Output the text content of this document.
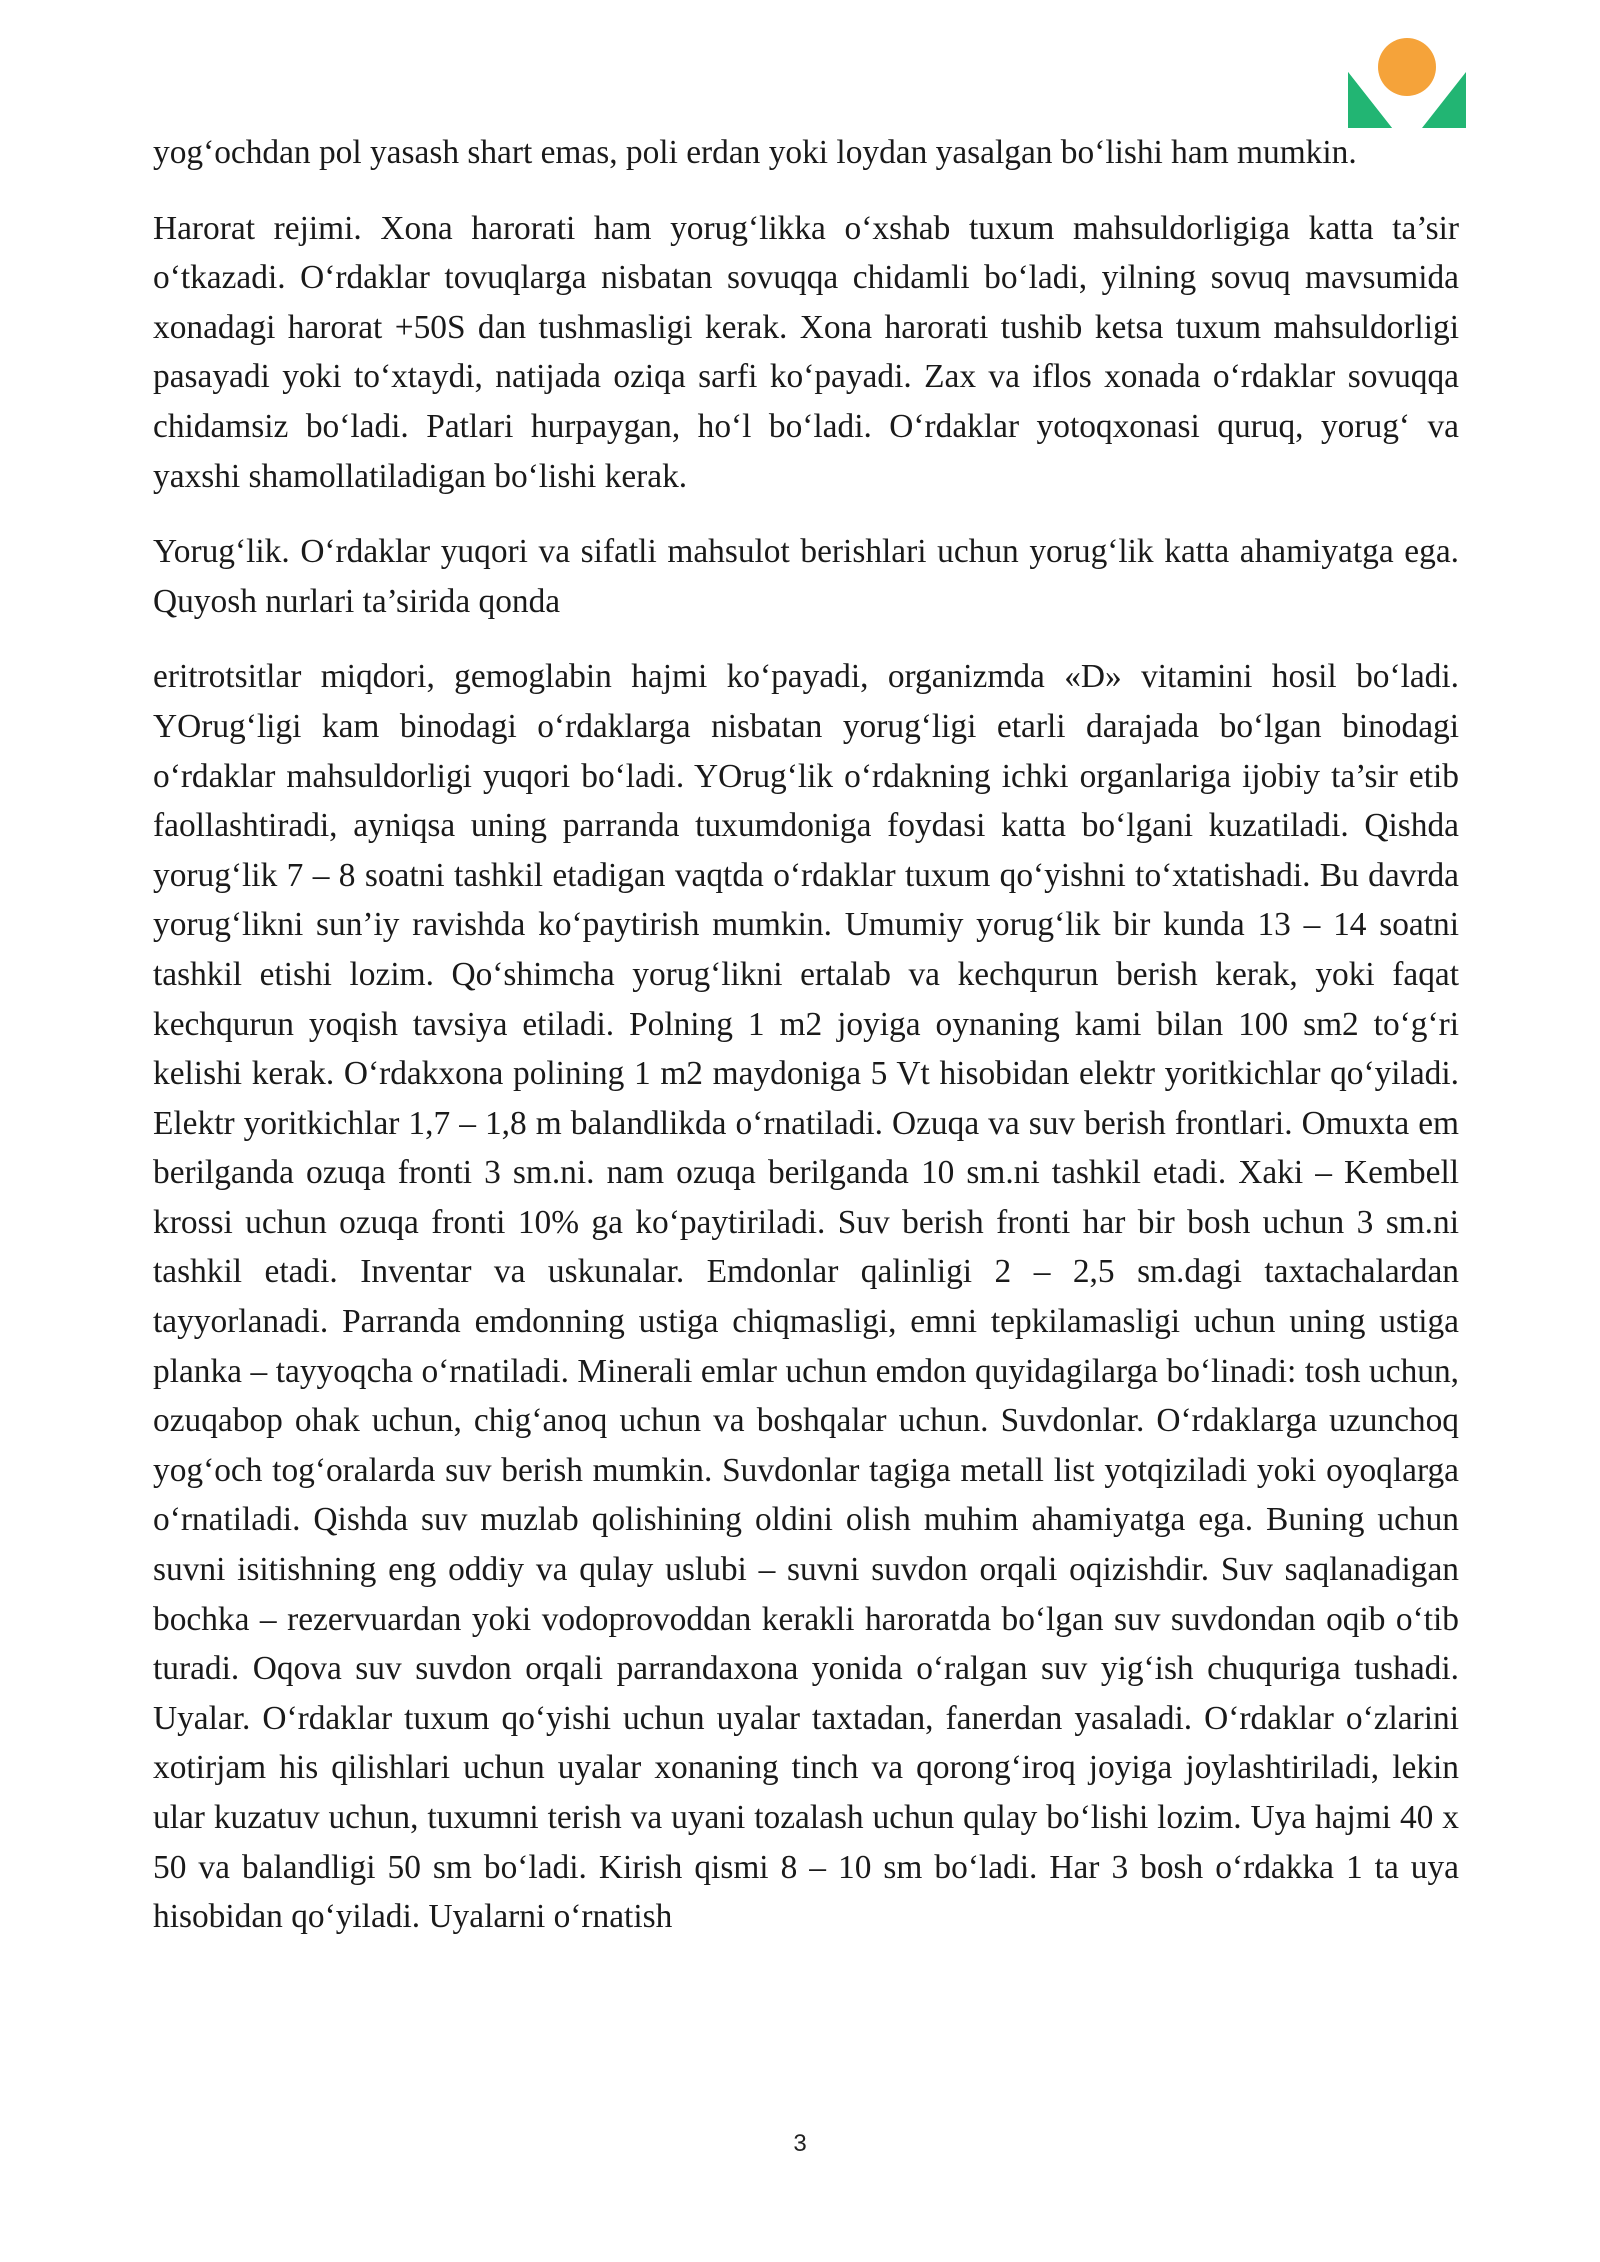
yog‘ochdan pol yasash shart emas, poli erdan yoki loydan yasalgan bo‘lishi ham mumkin.

Harorat rejimi. Xona harorati ham yorug‘likka o‘xshab tuxum mahsuldorligiga katta ta’sir o‘tkazadi. O‘rdaklar tovuqlarga nisbatan sovuqqa chidamli bo‘ladi, yilning sovuq mavsumida xonadagi harorat +50S dan tushmasligi kerak. Xona harorati tushib ketsa tuxum mahsuldorligi pasayadi yoki to‘xtaydi, natijada oziqa sarfi ko‘payadi. Zax va iflos xonada o‘rdaklar sovuqqa chidamsiz bo‘ladi. Patlari hurpaygan, ho‘l bo‘ladi. O‘rdaklar yotoqxonasi quruq, yorug‘ va yaxshi shamollatiladigan bo‘lishi kerak.

Yorug‘lik. O‘rdaklar yuqori va sifatli mahsulot berishlari uchun yorug‘lik katta ahamiyatga ega. Quyosh nurlari ta’sirida qonda

eritrotsitlar miqdori, gemoglabin hajmi ko‘payadi, organizmda «D» vitamini hosil bo‘ladi. YOrug‘ligi kam binodagi o‘rdaklarga nisbatan yorug‘ligi etarli darajada bo‘lgan binodagi o‘rdaklar mahsuldorligi yuqori bo‘ladi. YOrug‘lik o‘rdakning ichki organlariga ijobiy ta’sir etib faollashtiradi, ayniqsa uning parranda tuxumdoniga foydasi katta bo‘lgani kuzatiladi. Qishda yorug‘lik 7 – 8 soatni tashkil etadigan vaqtda o‘rdaklar tuxum qo‘yishni to‘xtatishadi. Bu davrda yorug‘likni sun’iy ravishda ko‘paytirish mumkin. Umumiy yorug‘lik bir kunda 13 – 14 soatni tashkil etishi lozim. Qo‘shimcha yorug‘likni ertalab va kechqurun berish kerak, yoki faqat kechqurun yoqish tavsiya etiladi. Polning 1 m2 joyiga oynaning kami bilan 100 sm2 to‘g‘ri kelishi kerak. O‘rdakxona polining 1 m2 maydoniga 5 Vt hisobidan elektr yoritkichlar qo‘yiladi. Elektr yoritkichlar 1,7 – 1,8 m balandlikda o‘rnatiladi. Ozuqa va suv berish frontlari. Omuxta em berilganda ozuqa fronti 3 sm.ni. nam ozuqa berilganda 10 sm.ni tashkil etadi. Xaki – Kembell krossi uchun ozuqa fronti 10% ga ko‘paytiriladi. Suv berish fronti har bir bosh uchun 3 sm.ni tashkil etadi. Inventar va uskunalar. Emdonlar qalinligi 2 – 2,5 sm.dagi taxtachalardan tayyorlanadi. Parranda emdonning ustiga chiqmasligi, emni tepkilamasligi uchun uning ustiga planka – tayyoqcha o‘rnatiladi. Minerali emlar uchun emdon quyidagilarga bo‘linadi: tosh uchun, ozuqabop ohak uchun, chig‘anoq uchun va boshqalar uchun. Suvdonlar. O‘rdaklarga uzunchoq yog‘och tog‘oralarda suv berish mumkin. Suvdonlar tagiga metall list yotqiziladi yoki oyoqlarga o‘rnatiladi. Qishda suv muzlab qolishining oldini olish muhim ahamiyatga ega. Buning uchun suvni isitishning eng oddiy va qulay uslubi – suvni suvdon orqali oqizishdir. Suv saqlanadigan bochka – rezervuardan yoki vodoprovoddan kerakli haroratda bo‘lgan suv suvdondan oqib o‘tib turadi. Oqova suv suvdon orqali parrandaxona yonida o‘ralgan suv yig‘ish chuquriga tushadi. Uyalar. O‘rdaklar tuxum qo‘yishi uchun uyalar taxtadan, fanerdan yasaladi. O‘rdaklar o‘zlarini xotirjam his qilishlari uchun uyalar xonaning tinch va qorong‘iroq joyiga joylashtiriladi, lekin ular kuzatuv uchun, tuxumni terish va uyani tozalash uchun qulay bo‘lishi lozim. Uya hajmi 40 x 50 va balandligi 50 sm bo‘ladi. Kirish qismi 8 – 10 sm bo‘ladi. Har 3 bosh o‘rdakka 1 ta uya hisobidan qo‘yiladi. Uyalarni o‘rnatish

3
